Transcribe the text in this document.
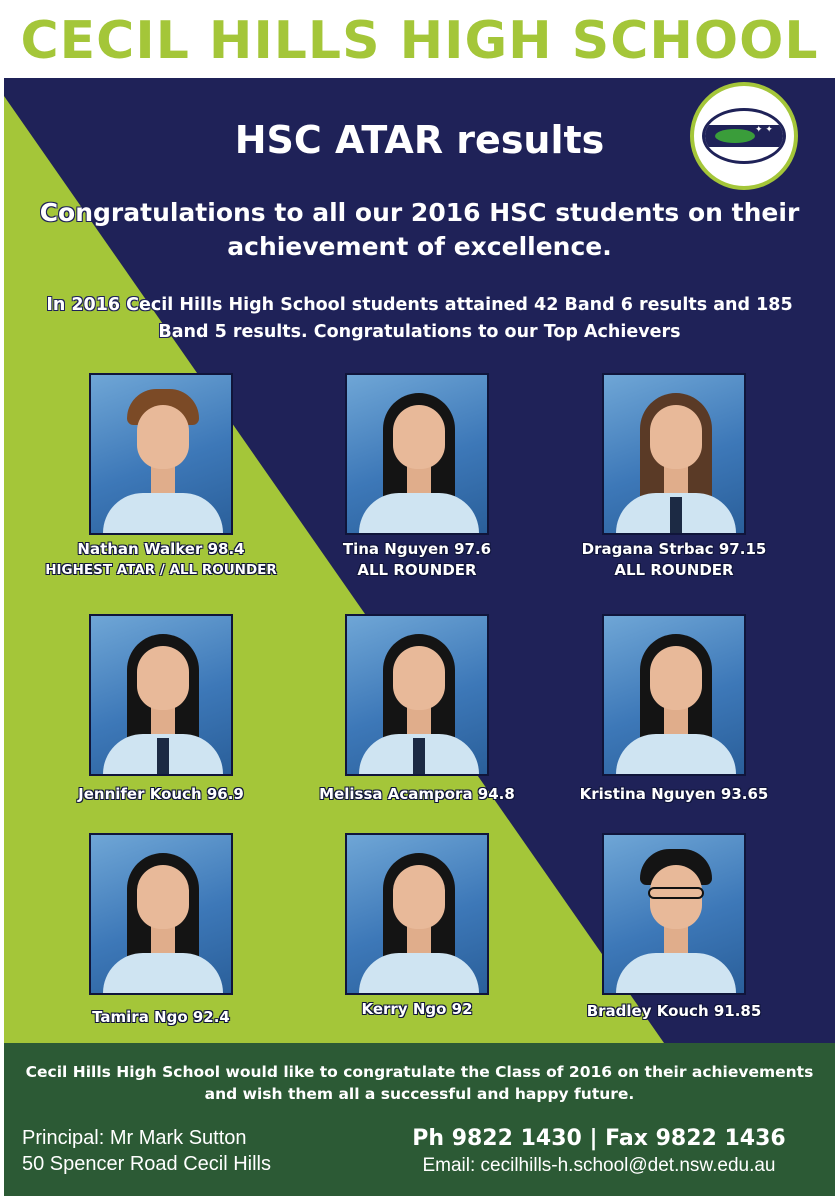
CECIL HILLS HIGH SCHOOL
✦ ✦
HSC ATAR results
Congratulations to all our 2016 HSC students on their achievement of excellence.
In 2016 Cecil Hills High School students attained 42 Band 6 results and 185 Band 5 results. Congratulations to our Top Achievers
Nathan Walker 98.4
HIGHEST ATAR / ALL ROUNDER
Tina Nguyen 97.6
ALL ROUNDER
Dragana Strbac 97.15
ALL ROUNDER
Jennifer Kouch 96.9	Melissa Acampora 94.8	Kristina Nguyen 93.65
Tamira Ngo 92.4	Kerry Ngo 92	Bradley Kouch 91.85
Cecil Hills High School would like to congratulate the Class of 2016 on their achievements and wish them all a successful and happy future.
Principal: Mr Mark Sutton
50 Spencer Road Cecil Hills
Ph 9822 1430 | Fax 9822 1436
Email: cecilhills-h.school@det.nsw.edu.au
